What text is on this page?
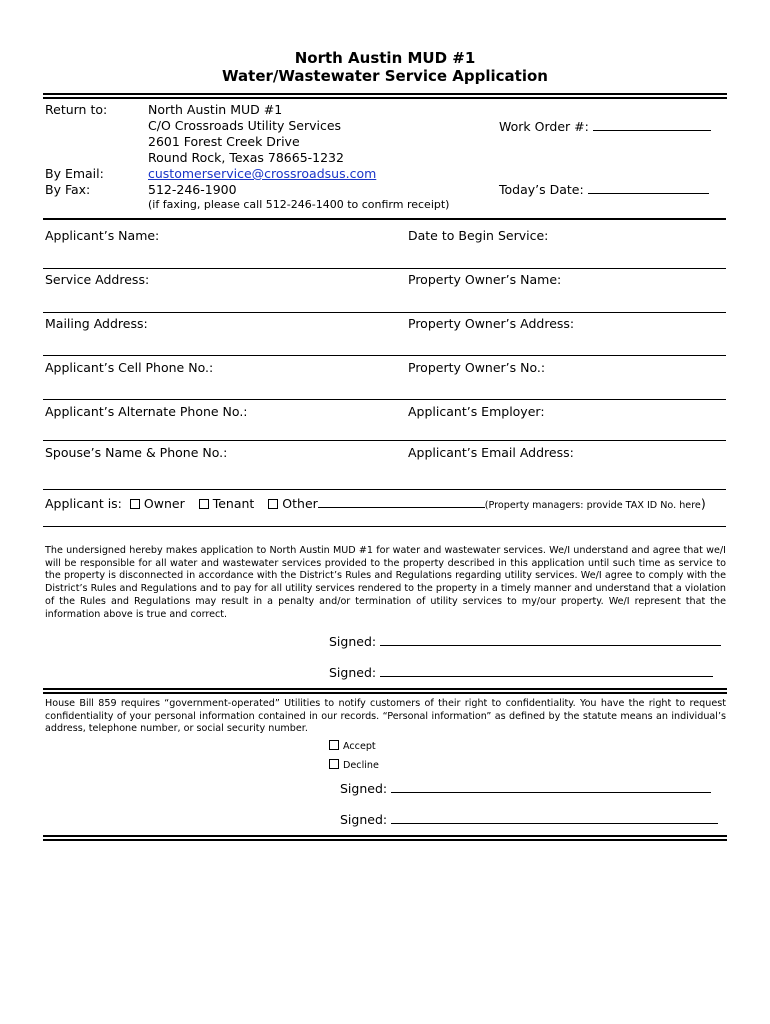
North Austin MUD #1
Water/Wastewater Service Application
Return to:	North Austin MUD #1
C/O Crossroads Utility Services
2601 Forest Creek Drive
Round Rock, Texas 78665-1232
By Email:	customerservice@crossroadsus.com
By Fax:	512-246-1900
(if faxing, please call 512-246-1400 to confirm receipt)
Work Order #:
Today’s Date:
Applicant’s Name:	Date to Begin Service:
Service Address:	Property Owner’s Name:
Mailing Address:	Property Owner’s Address:
Applicant’s Cell Phone No.:	Property Owner’s No.:
Applicant’s Alternate Phone No.:	Applicant’s Employer:
Spouse’s Name & Phone No.:	Applicant’s Email Address:
Applicant is: Owner Tenant Other	(Property managers: provide TAX ID No. here)
The undersigned hereby makes application to North Austin MUD #1 for water and wastewater services. We/I understand and agree that we/I will be responsible for all water and wastewater services provided to the property described in this application until such time as service to the property is disconnected in accordance with the District’s Rules and Regulations regarding utility services. We/I agree to comply with the District’s Rules and Regulations and to pay for all utility services rendered to the property in a timely manner and understand that a violation of the Rules and Regulations may result in a penalty and/or termination of utility services to my/our property. We/I represent that the information above is true and correct.
Signed:
Signed:
House Bill 859 requires “government-operated” Utilities to notify customers of their right to confidentiality. You have the right to request confidentiality of your personal information contained in our records. “Personal information” as defined by the statute means an individual’s address, telephone number, or social security number.
Accept
Decline
Signed:
Signed:
